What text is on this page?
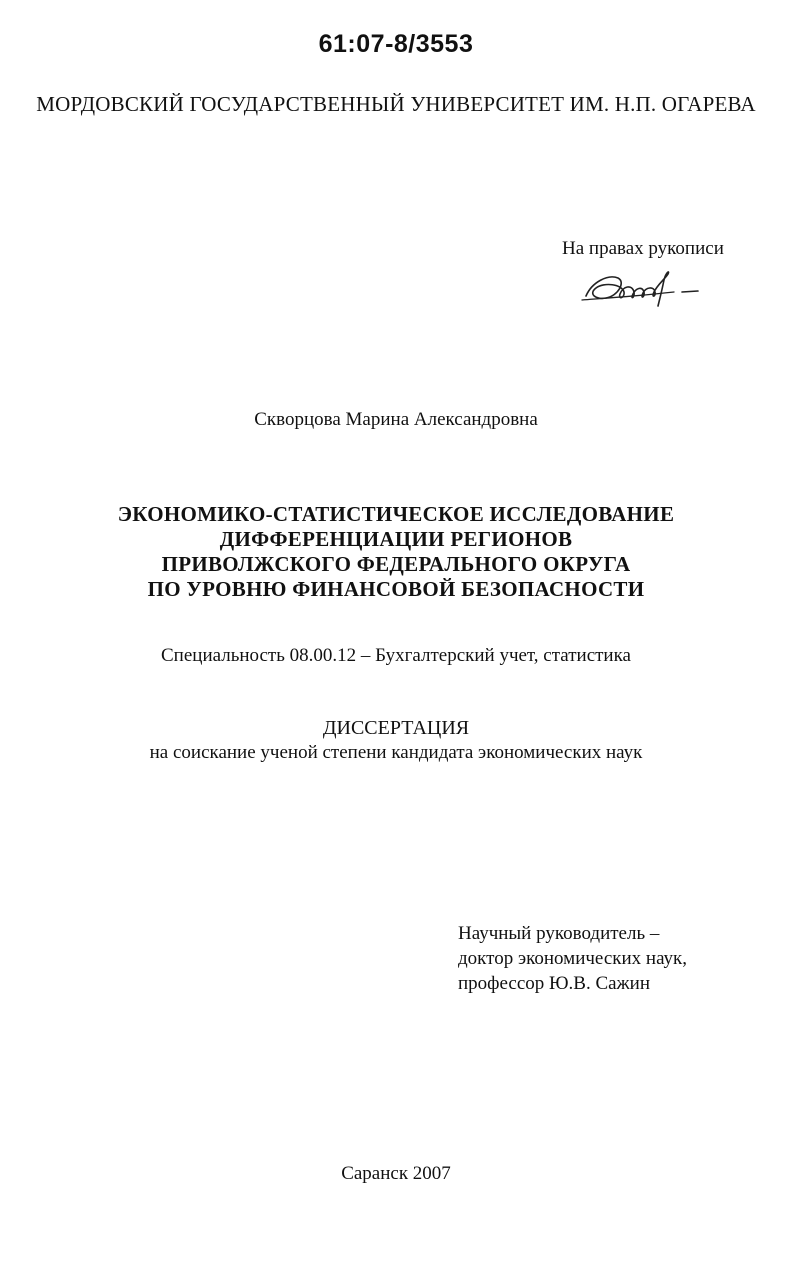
61:07-8/3553
МОРДОВСКИЙ ГОСУДАРСТВЕННЫЙ УНИВЕРСИТЕТ ИМ. Н.П. ОГАРЕВА
На правах рукописи
Скворцова Марина Александровна
ЭКОНОМИКО-СТАТИСТИЧЕСКОЕ ИССЛЕДОВАНИЕ
ДИФФЕРЕНЦИАЦИИ РЕГИОНОВ
ПРИВОЛЖСКОГО ФЕДЕРАЛЬНОГО ОКРУГА
ПО УРОВНЮ ФИНАНСОВОЙ БЕЗОПАСНОСТИ
Специальность 08.00.12 – Бухгалтерский учет, статистика
ДИССЕРТАЦИЯ
на соискание ученой степени кандидата экономических наук
Научный руководитель –
доктор экономических наук,
профессор Ю.В. Сажин
Саранск 2007
